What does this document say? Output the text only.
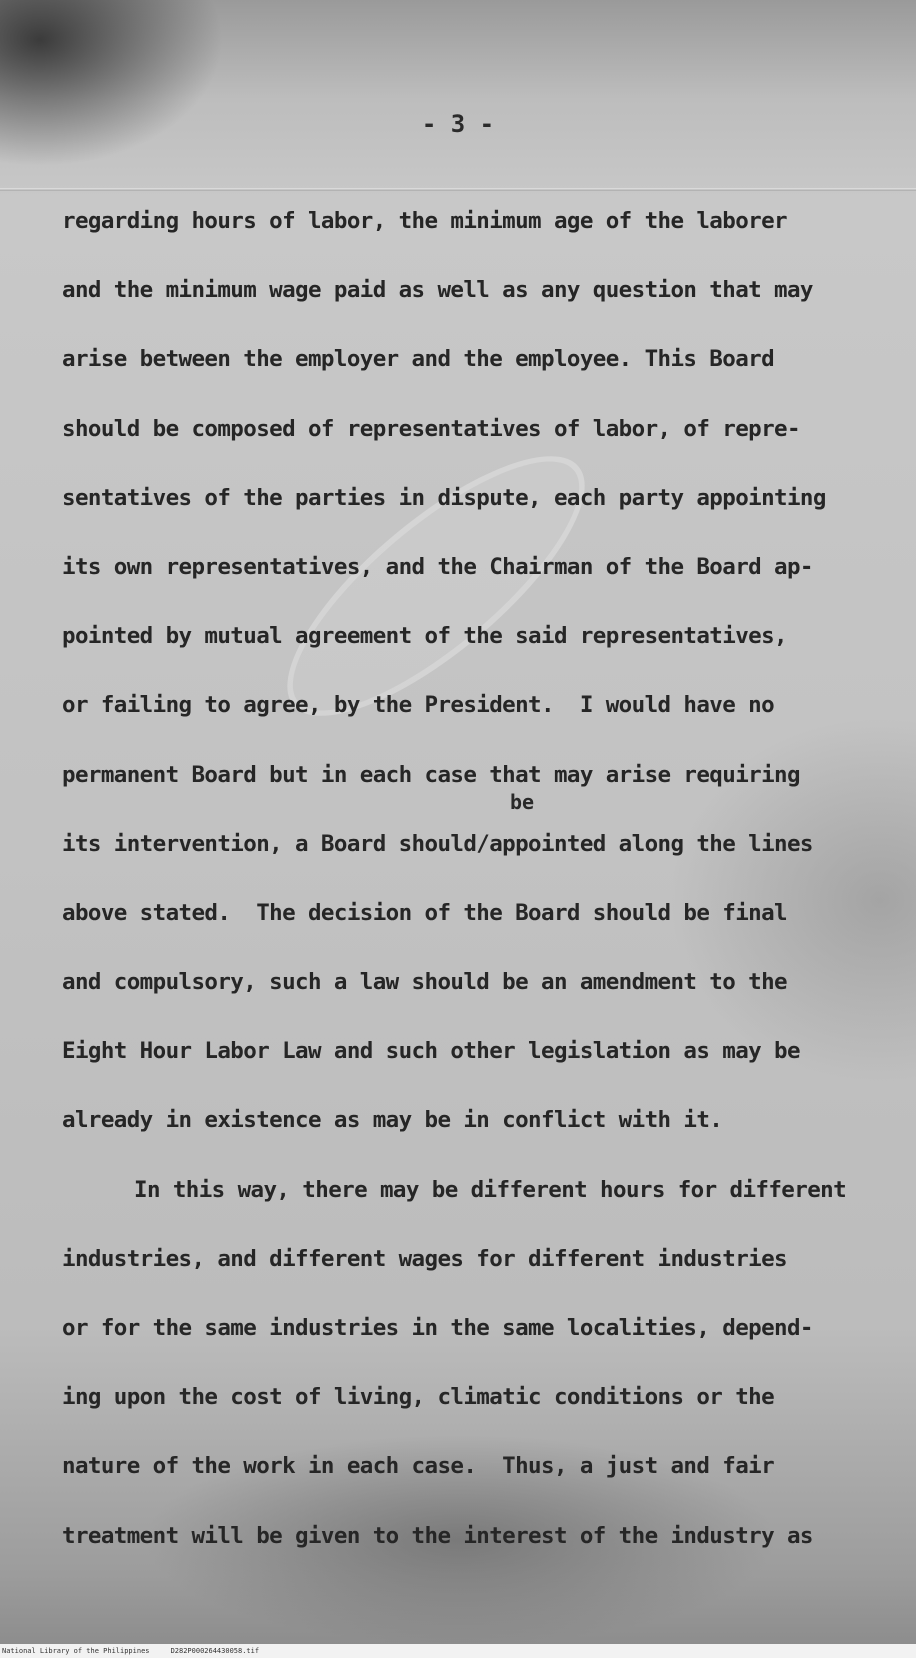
- 3 -
regarding hours of labor, the minimum age of the laborer
and the minimum wage paid as well as any question that may
arise between the employer and the employee. This Board
should be composed of representatives of labor, of repre-
sentatives of the parties in dispute, each party appointing
its own representatives, and the Chairman of the Board ap-
pointed by mutual agreement of the said representatives,
or failing to agree, by the President.  I would have no
permanent Board but in each case that may arise requiring
its intervention, a Board should/appointed along the lines
above stated.  The decision of the Board should be final
and compulsory, such a law should be an amendment to the
Eight Hour Labor Law and such other legislation as may be
already in existence as may be in conflict with it.
In this way, there may be different hours for different
industries, and different wages for different industries
or for the same industries in the same localities, depend-
ing upon the cost of living, climatic conditions or the
nature of the work in each case.  Thus, a just and fair
treatment will be given to the interest of the industry as
be
National Library of the Philippines     D282P000264430058.tif
